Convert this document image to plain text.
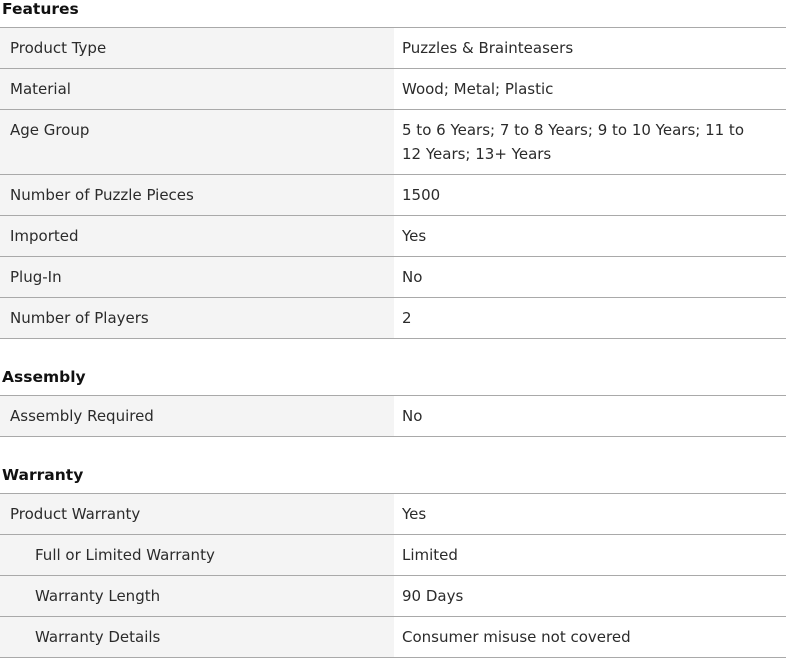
Features
Product Type	Puzzles & Brainteasers

Material	Wood; Metal; Plastic

Age Group	5 to 6 Years; 7 to 8 Years; 9 to 10 Years; 11 to 12 Years; 13+ Years

Number of Puzzle Pieces	1500

Imported	Yes

Plug-In	No

Number of Players	2
Assembly
Assembly Required	No
Warranty
Product Warranty	Yes

Full or Limited Warranty	Limited

Warranty Length	90 Days

Warranty Details	Consumer misuse not covered
